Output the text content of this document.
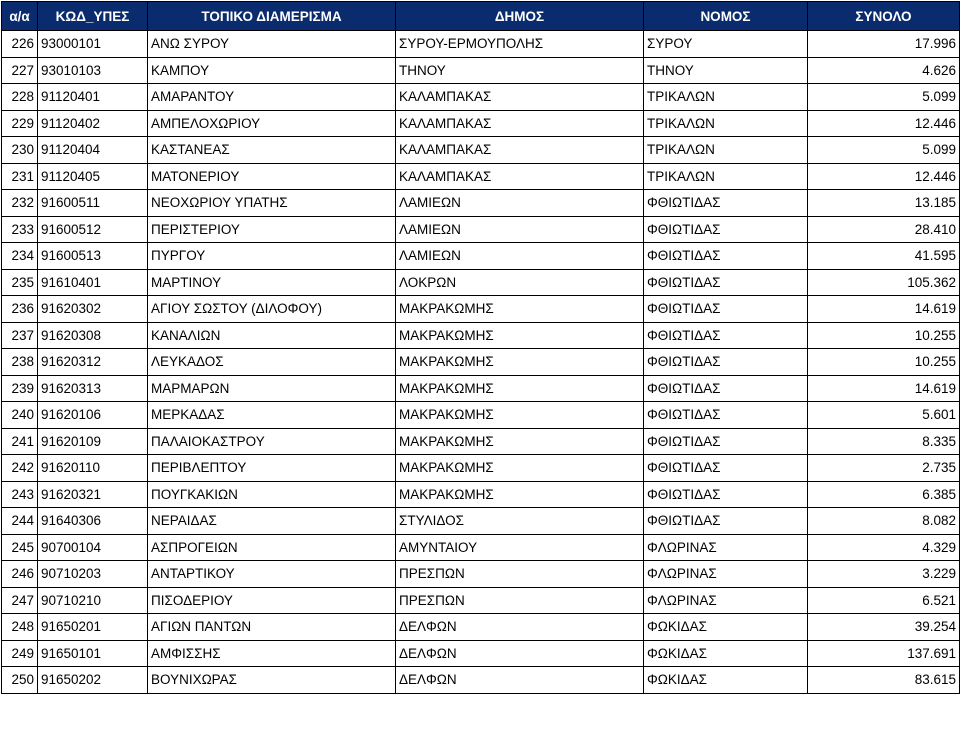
α/α	ΚΩΔ_ΥΠΕΣ	ΤΟΠΙΚΟ ΔΙΑΜΕΡΙΣΜΑ	ΔΗΜΟΣ	ΝΟΜΟΣ	ΣΥΝΟΛΟ
226	93000101	ΑΝΩ ΣΥΡΟΥ	ΣΥΡΟΥ-ΕΡΜΟΥΠΟΛΗΣ	ΣΥΡΟΥ	17.996
227	93010103	ΚΑΜΠΟΥ	ΤΗΝΟΥ	ΤΗΝΟΥ	4.626
228	91120401	ΑΜΑΡΑΝΤΟΥ	ΚΑΛΑΜΠΑΚΑΣ	ΤΡΙΚΑΛΩΝ	5.099
229	91120402	ΑΜΠΕΛΟΧΩΡΙΟΥ	ΚΑΛΑΜΠΑΚΑΣ	ΤΡΙΚΑΛΩΝ	12.446
230	91120404	ΚΑΣΤΑΝΕΑΣ	ΚΑΛΑΜΠΑΚΑΣ	ΤΡΙΚΑΛΩΝ	5.099
231	91120405	ΜΑΤΟΝΕΡΙΟΥ	ΚΑΛΑΜΠΑΚΑΣ	ΤΡΙΚΑΛΩΝ	12.446
232	91600511	ΝΕΟΧΩΡΙΟΥ ΥΠΑΤΗΣ	ΛΑΜΙΕΩΝ	ΦΘΙΩΤΙΔΑΣ	13.185
233	91600512	ΠΕΡΙΣΤΕΡΙΟΥ	ΛΑΜΙΕΩΝ	ΦΘΙΩΤΙΔΑΣ	28.410
234	91600513	ΠΥΡΓΟΥ	ΛΑΜΙΕΩΝ	ΦΘΙΩΤΙΔΑΣ	41.595
235	91610401	ΜΑΡΤΙΝΟΥ	ΛΟΚΡΩΝ	ΦΘΙΩΤΙΔΑΣ	105.362
236	91620302	ΑΓΙΟΥ ΣΩΣΤΟΥ (ΔΙΛΟΦΟΥ)	ΜΑΚΡΑΚΩΜΗΣ	ΦΘΙΩΤΙΔΑΣ	14.619
237	91620308	ΚΑΝΑΛΙΩΝ	ΜΑΚΡΑΚΩΜΗΣ	ΦΘΙΩΤΙΔΑΣ	10.255
238	91620312	ΛΕΥΚΑΔΟΣ	ΜΑΚΡΑΚΩΜΗΣ	ΦΘΙΩΤΙΔΑΣ	10.255
239	91620313	ΜΑΡΜΑΡΩΝ	ΜΑΚΡΑΚΩΜΗΣ	ΦΘΙΩΤΙΔΑΣ	14.619
240	91620106	ΜΕΡΚΑΔΑΣ	ΜΑΚΡΑΚΩΜΗΣ	ΦΘΙΩΤΙΔΑΣ	5.601
241	91620109	ΠΑΛΑΙΟΚΑΣΤΡΟΥ	ΜΑΚΡΑΚΩΜΗΣ	ΦΘΙΩΤΙΔΑΣ	8.335
242	91620110	ΠΕΡΙΒΛΕΠΤΟΥ	ΜΑΚΡΑΚΩΜΗΣ	ΦΘΙΩΤΙΔΑΣ	2.735
243	91620321	ΠΟΥΓΚΑΚΙΩΝ	ΜΑΚΡΑΚΩΜΗΣ	ΦΘΙΩΤΙΔΑΣ	6.385
244	91640306	ΝΕΡΑΙΔΑΣ	ΣΤΥΛΙΔΟΣ	ΦΘΙΩΤΙΔΑΣ	8.082
245	90700104	ΑΣΠΡΟΓΕΙΩΝ	ΑΜΥΝΤΑΙΟΥ	ΦΛΩΡΙΝΑΣ	4.329
246	90710203	ΑΝΤΑΡΤΙΚΟΥ	ΠΡΕΣΠΩΝ	ΦΛΩΡΙΝΑΣ	3.229
247	90710210	ΠΙΣΟΔΕΡΙΟΥ	ΠΡΕΣΠΩΝ	ΦΛΩΡΙΝΑΣ	6.521
248	91650201	ΑΓΙΩΝ ΠΑΝΤΩΝ	ΔΕΛΦΩΝ	ΦΩΚΙΔΑΣ	39.254
249	91650101	ΑΜΦΙΣΣΗΣ	ΔΕΛΦΩΝ	ΦΩΚΙΔΑΣ	137.691
250	91650202	ΒΟΥΝΙΧΩΡΑΣ	ΔΕΛΦΩΝ	ΦΩΚΙΔΑΣ	83.615
